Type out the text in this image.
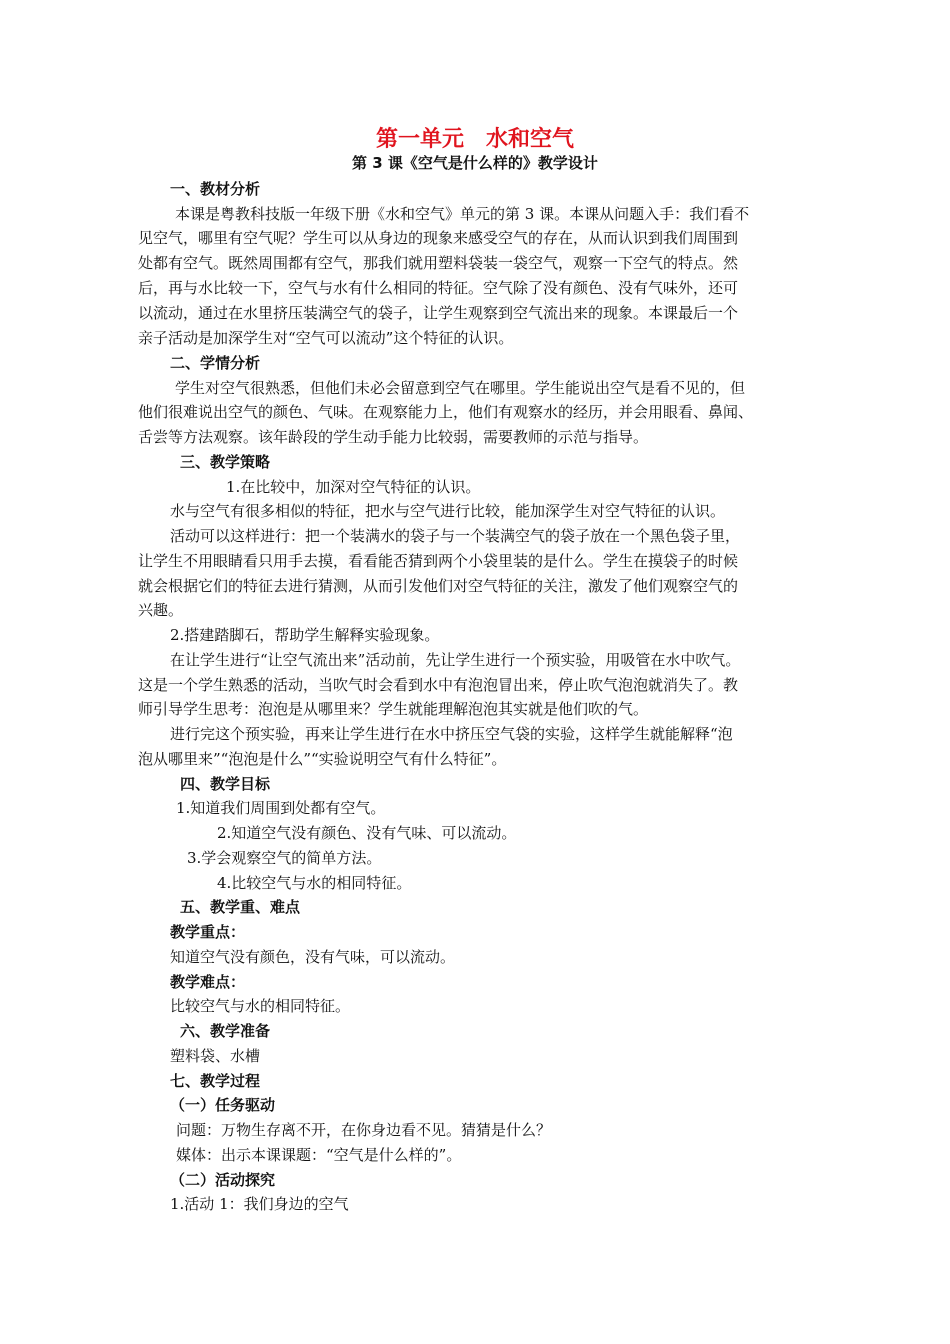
第一单元　水和空气
第 3 课《空气是什么样的》教学设计
一、教材分析
本课是粤教科技版一年级下册《水和空气》单元的第 3 课。本课从问题入手：我们看不
见空气，哪里有空气呢？学生可以从身边的现象来感受空气的存在，从而认识到我们周围到
处都有空气。既然周围都有空气，那我们就用塑料袋装一袋空气，观察一下空气的特点。然
后，再与水比较一下，空气与水有什么相同的特征。空气除了没有颜色、没有气味外，还可
以流动，通过在水里挤压装满空气的袋子，让学生观察到空气流出来的现象。本课最后一个
亲子活动是加深学生对“空气可以流动”这个特征的认识。
二、学情分析
学生对空气很熟悉，但他们未必会留意到空气在哪里。学生能说出空气是看不见的，但
他们很难说出空气的颜色、气味。在观察能力上，他们有观察水的经历，并会用眼看、鼻闻、
舌尝等方法观察。该年龄段的学生动手能力比较弱，需要教师的示范与指导。
三、教学策略
1.在比较中，加深对空气特征的认识。
水与空气有很多相似的特征，把水与空气进行比较，能加深学生对空气特征的认识。
活动可以这样进行：把一个装满水的袋子与一个装满空气的袋子放在一个黑色袋子里，
让学生不用眼睛看只用手去摸，看看能否猜到两个小袋里装的是什么。学生在摸袋子的时候
就会根据它们的特征去进行猜测，从而引发他们对空气特征的关注，激发了他们观察空气的
兴趣。
2.搭建踏脚石，帮助学生解释实验现象。
在让学生进行“让空气流出来”活动前，先让学生进行一个预实验，用吸管在水中吹气。
这是一个学生熟悉的活动，当吹气时会看到水中有泡泡冒出来，停止吹气泡泡就消失了。教
师引导学生思考：泡泡是从哪里来？学生就能理解泡泡其实就是他们吹的气。
进行完这个预实验，再来让学生进行在水中挤压空气袋的实验，这样学生就能解释“泡
泡从哪里来”“泡泡是什么”“实验说明空气有什么特征”。
四、教学目标
1.知道我们周围到处都有空气。
2.知道空气没有颜色、没有气味、可以流动。
3.学会观察空气的简单方法。
4.比较空气与水的相同特征。
五、教学重、难点
教学重点：
知道空气没有颜色，没有气味，可以流动。
教学难点：
比较空气与水的相同特征。
六、教学准备
塑料袋、水槽
七、教学过程
（一）任务驱动
问题：万物生存离不开，在你身边看不见。猜猜是什么？
媒体：出示本课课题：“空气是什么样的”。
（二）活动探究
1.活动 1：我们身边的空气
